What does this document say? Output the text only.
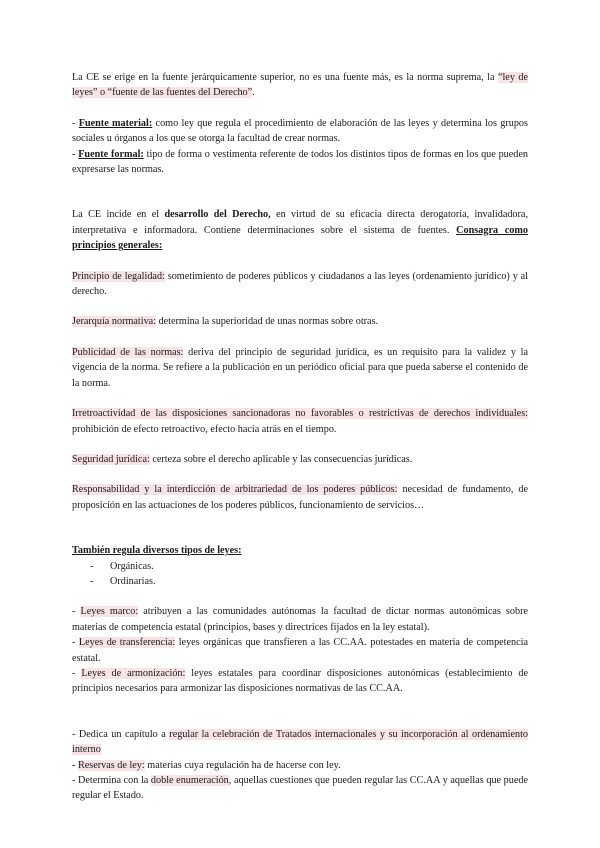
La CE se erige en la fuente jerárquicamente superior, no es una fuente más, es la norma suprema, la “ley de leyes” o “fuente de las fuentes del Derecho”.

- Fuente material: como ley que regula el procedimiento de elaboración de las leyes y determina los grupos sociales u órganos a los que se otorga la facultad de crear normas.

- Fuente formal: tipo de forma o vestimenta referente de todos los distintos tipos de formas en los que pueden expresarse las normas.

La CE incide en el desarrollo del Derecho, en virtud de su eficacia directa derogatoria, invalidadora, interpretativa e informadora. Contiene determinaciones sobre el sistema de fuentes. Consagra como principios generales:

Principio de legalidad: sometimiento de poderes públicos y ciudadanos a las leyes (ordenamiento jurídico) y al derecho.

Jerarquía normativa: determina la superioridad de unas normas sobre otras.

Publicidad de las normas: deriva del principio de seguridad jurídica, es un requisito para la validez y la vigencia de la norma. Se refiere a la publicación en un periódico oficial para que pueda saberse el contenido de la norma.

Irretroactividad de las disposiciones sancionadoras no favorables o restrictivas de derechos individuales: prohibición de efecto retroactivo, efecto hacia atrás en el tiempo.

Seguridad jurídica: certeza sobre el derecho aplicable y las consecuencias jurídicas.

Responsabilidad y la interdicción de arbitrariedad de los poderes públicos: necesidad de fundamento, de proposición en las actuaciones de los poderes públicos, funcionamiento de servicios…

También regula diversos tipos de leyes:

- Orgánicas.
- Ordinarias.

- Leyes marco: atribuyen a las comunidades autónomas la facultad de dictar normas autonómicas sobre materias de competencia estatal (principios, bases y directrices fijados en la ley estatal).

- Leyes de transferencia: leyes orgánicas que transfieren a las CC.AA. potestades en materia de competencia estatal.

- Leyes de armonización: leyes estatales para coordinar disposiciones autonómicas (establecimiento de principios necesarios para armonizar las disposiciones normativas de las CC.AA.

- Dedica un capítulo a regular la celebración de Tratados internacionales y su incorporación al ordenamiento interno

- Reservas de ley: materias cuya regulación ha de hacerse con ley.

- Determina con la doble enumeración, aquellas cuestiones que pueden regular las CC.AA y aquellas que puede regular el Estado.
